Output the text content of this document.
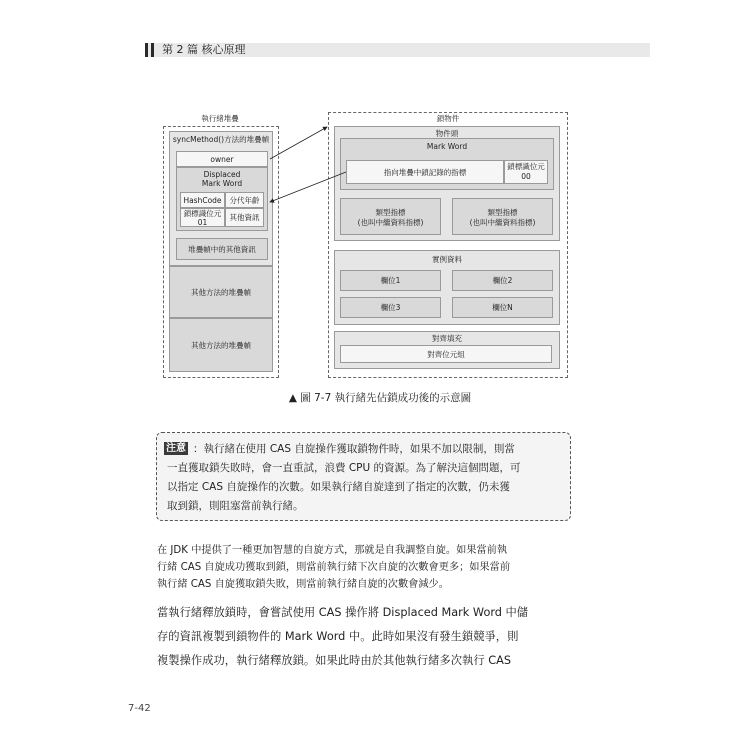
第 2 篇 核心原理
執行緒堆疊
syncMethod()方法的堆疊幀
owner
Displaced
Mark Word
HashCode 分代年齡
鎖標識位元
01
其他資訊
堆疊幀中的其他資訊
其他方法的堆疊幀
其他方法的堆疊幀
鎖物件
物件頭
Mark Word
指向堆疊中鎖記錄的指標
鎖標識位元
00
類型指標
(也叫中繼資料指標)
類型指標
(也叫中繼資料指標)
實例資料
欄位1	欄位2
欄位3	欄位N
對齊填充
對齊位元組
▲ 圖 7-7 執行緒先佔鎖成功後的示意圖
注意 ：執行緒在使用 CAS 自旋操作獲取鎖物件時，如果不加以限制，則當
一直獲取鎖失敗時，會一直重試，浪費 CPU 的資源。為了解決這個問題，可
以指定 CAS 自旋操作的次數。如果執行緒自旋達到了指定的次數，仍未獲
取到鎖，則阻塞當前執行緒。
在 JDK 中提供了一種更加智慧的自旋方式，那就是自我調整自旋。如果當前執
行緒 CAS 自旋成功獲取到鎖，則當前執行緒下次自旋的次數會更多；如果當前
執行緒 CAS 自旋獲取鎖失敗，則當前執行緒自旋的次數會減少。
當執行緒釋放鎖時，會嘗試使用 CAS 操作將 Displaced Mark Word 中儲
存的資訊複製到鎖物件的 Mark Word 中。此時如果沒有發生鎖競爭，則
複製操作成功，執行緒釋放鎖。如果此時由於其他執行緒多次執行 CAS
7-42
